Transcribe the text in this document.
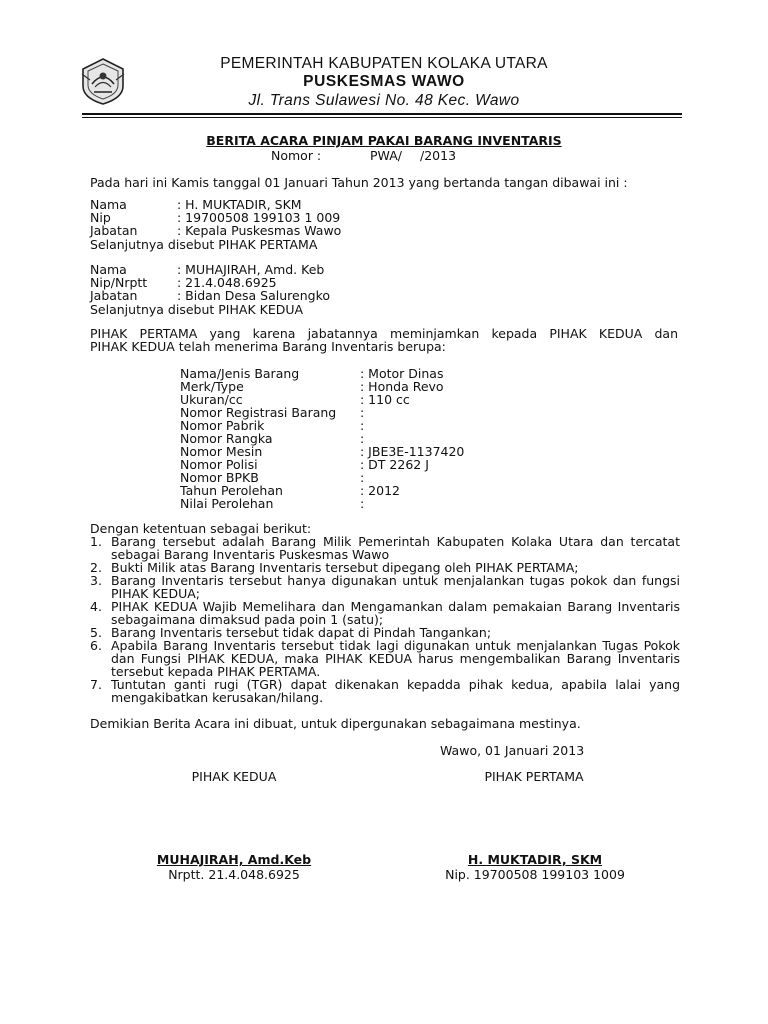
PEMERINTAH KABUPATEN KOLAKA UTARA
PUSKESMAS WAWO
Jl. Trans Sulawesi No. 48 Kec. Wawo
BERITA ACARA PINJAM PAKAI BARANG INVENTARIS
Nomor :	PWA/ /2013
Pada hari ini Kamis tanggal 01 Januari Tahun 2013 yang bertanda tangan dibawai ini :
Nama	: H. MUKTADIR, SKM
Nip	: 19700508 199103 1 009
Jabatan	: Kepala Puskesmas Wawo
Selanjutnya disebut PIHAK PERTAMA
Nama	: MUHAJIRAH, Amd. Keb
Nip/Nrptt : 21.4.048.6925
Jabatan	: Bidan Desa Salurengko
Selanjutnya disebut PIHAK KEDUA
PIHAK PERTAMA yang karena jabatannya meminjamkan kepada PIHAK KEDUA dan
PIHAK KEDUA telah menerima Barang Inventaris berupa:
Nama/Jenis Barang	: Motor Dinas
Merk/Type	: Honda Revo
Ukuran/cc	: 110 cc
Nomor Registrasi Barang :
Nomor Pabrik	:
Nomor Rangka	:
Nomor Mesin	: JBE3E-1137420
Nomor Polisi	: DT 2262 J
Nomor BPKB	:
Tahun Perolehan	: 2012
Nilai Perolehan	:
Dengan ketentuan sebagai berikut:
1. Barang tersebut adalah Barang Milik Pemerintah Kabupaten Kolaka Utara dan tercatat sebagai Barang Inventaris Puskesmas Wawo
2. Bukti Milik atas Barang Inventaris tersebut dipegang oleh PIHAK PERTAMA;
3. Barang Inventaris tersebut hanya digunakan untuk menjalankan tugas pokok dan fungsi PIHAK KEDUA;
4. PIHAK KEDUA Wajib Memelihara dan Mengamankan dalam pemakaian Barang Inventaris sebagaimana dimaksud pada poin 1 (satu);
5. Barang Inventaris tersebut tidak dapat di Pindah Tangankan;
6. Apabila Barang Inventaris tersebut tidak lagi digunakan untuk menjalankan Tugas Pokok dan Fungsi PIHAK KEDUA, maka PIHAK KEDUA harus mengembalikan Barang Inventaris tersebut kepada PIHAK PERTAMA.
7. Tuntutan ganti rugi (TGR) dapat dikenakan kepadda pihak kedua, apabila lalai yang mengakibatkan kerusakan/hilang.
Demikian Berita Acara ini dibuat, untuk dipergunakan sebagaimana mestinya.
Wawo, 01 Januari 2013
PIHAK KEDUA	PIHAK PERTAMA
MUHAJIRAH, Amd.Keb
Nrptt. 21.4.048.6925
H. MUKTADIR, SKM
Nip. 19700508 199103 1009
